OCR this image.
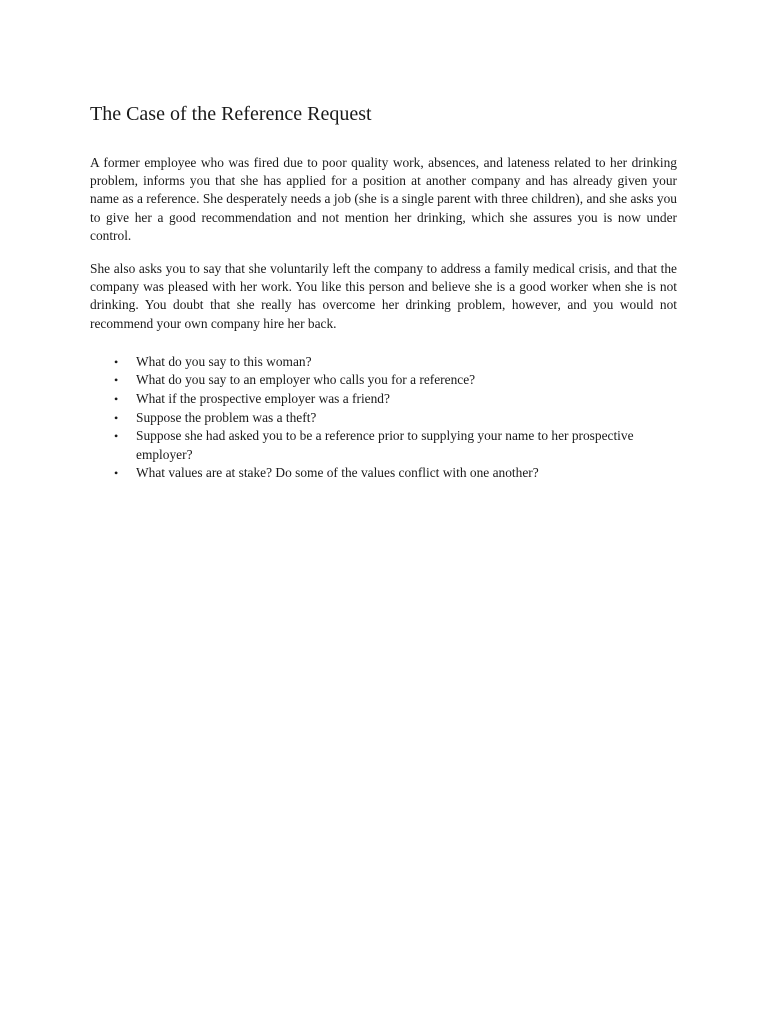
The Case of the Reference Request

A former employee who was fired due to poor quality work, absences, and lateness related to her drinking problem, informs you that she has applied for a position at another company and has already given your name as a reference. She desperately needs a job (she is a single parent with three children), and she asks you to give her a good recommendation and not mention her drinking, which she assures you is now under control.

She also asks you to say that she voluntarily left the company to address a family medical crisis, and that the company was pleased with her work. You like this person and believe she is a good worker when she is not drinking. You doubt that she really has overcome her drinking problem, however, and you would not recommend your own company hire her back.

• What do you say to this woman?
• What do you say to an employer who calls you for a reference?
• What if the prospective employer was a friend?
• Suppose the problem was a theft?
• Suppose she had asked you to be a reference prior to supplying your name to her prospective employer?
• What values are at stake? Do some of the values conflict with one another?
